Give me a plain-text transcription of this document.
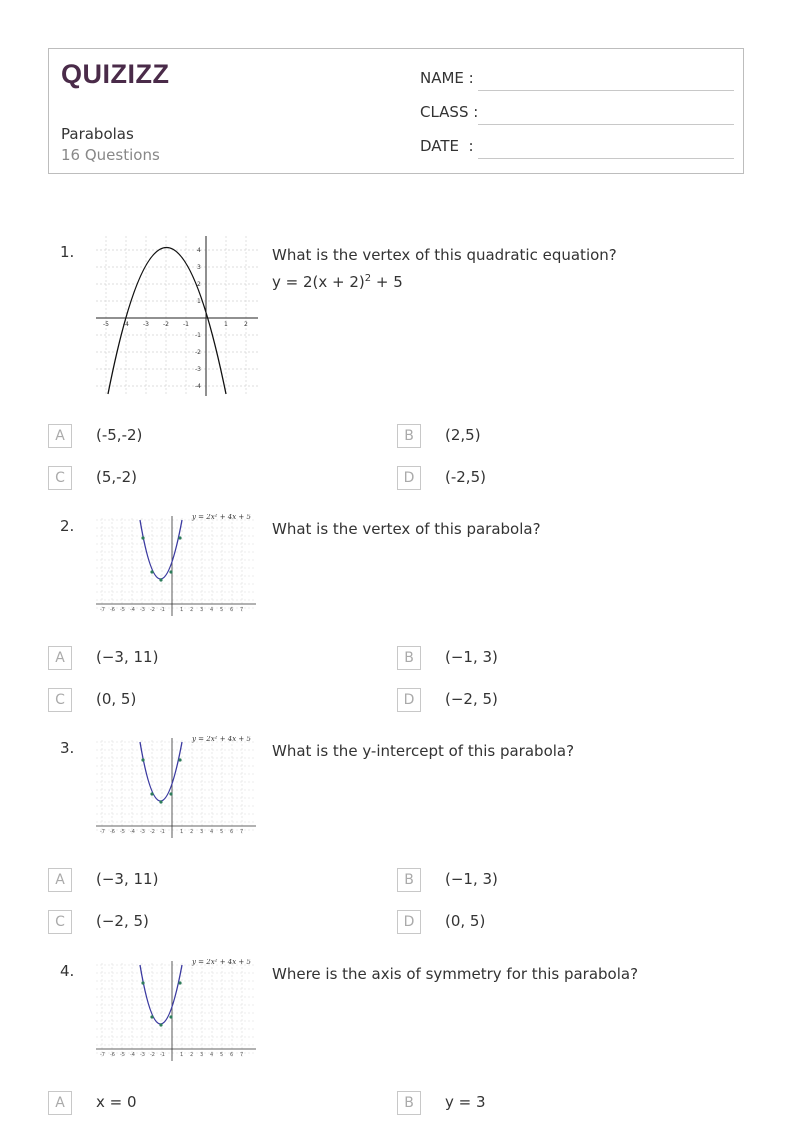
QUIZIZZ
Parabolas
16 Questions
NAME :
CLASS :
DATE  :
1.
-5 -4 -3 -2 -1	1	2
4
3
2
1
-1
-2
-3
-4
What is the vertex of this quadratic equation?
$y = 2(x + 2)^2 + 5$
A	(-5,-2)	B	(2,5)
C	(5,-2)	D	(-2,5)
2.	y = 2x² + 4x + 5
-7 -6 -5 -4 -3 -2 -1	1 2 3 4 5 6 7
What is the vertex of this parabola?
A	(−3, 11)	B	(−1, 3)
C	(0, 5)	D	(−2, 5)
3.	y = 2x² + 4x + 5
-7 -6 -5 -4 -3 -2 -1	1 2 3 4 5 6 7
What is the y-intercept of this parabola?
A	(−3, 11)	B	(−1, 3)
C	(−2, 5)	D	(0, 5)
4.	y = 2x² + 4x + 5
-7 -6 -5 -4 -3 -2 -1	1 2 3 4 5 6 7
Where is the axis of symmetry for this parabola?
A	x = 0	B	y = 3
